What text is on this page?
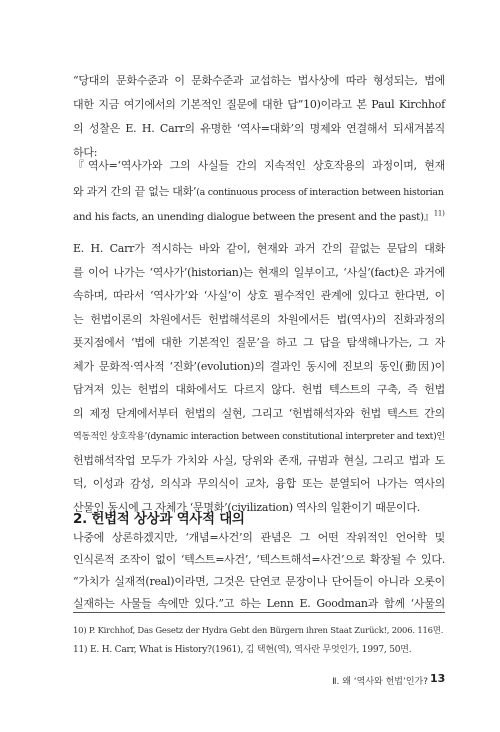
“당대의 문화수준과 이 문화수준과 교섭하는 법사상에 따라 형성되는, 법에
대한 지금 여기에서의 기본적인 질문에 대한 답”10)이라고 본 Paul Kirchhof
의 성찰은 E. H. Carr의 유명한 ‘역사=대화’의 명제와 연결해서 되새겨봄직
하다:
『역사=‘역사가와 그의 사실들 간의 지속적인 상호작용의 과정이며, 현재
와 과거 간의 끝 없는 대화’(a continuous process of interaction between historian
and his facts, an unending dialogue between the present and the past)』$^{11)}$
E. H. Carr가 적시하는 바와 같이, 현재와 과거 간의 끝없는 문답의 대화
를 이어 나가는 ‘역사가’(historian)는 현재의 일부이고, ‘사실’(fact)은 과거에
속하며, 따라서 ‘역사가’와 ‘사실’이 상호 필수적인 관계에 있다고 한다면, 이
는 헌법이론의 차원에서든 헌법해석론의 차원에서든 법(역사)의 진화과정의
푯지점에서 ‘법에 대한 기본적인 질문’을 하고 그 답을 탐색해나가는, 그 자
체가 문화적·역사적 ‘진화’(evolution)의 결과인 동시에 진보의 동인(動因)이
담겨져 있는 헌법의 대화에서도 다르지 않다. 헌법 텍스트의 구축, 즉 헌법
의 제정 단계에서부터 헌법의 실현, 그리고 ‘헌법해석자와 헌법 텍스트 간의
역동적인 상호작용’(dynamic interaction between constitutional interpreter and text)인
헌법해석작업 모두가 가치와 사실, 당위와 존재, 규범과 현실, 그리고 법과 도
덕, 이성과 감성, 의식과 무의식이 교차, 융합 또는 분열되어 나가는 역사의
산물인 동시에 그 자체가 ‘문명화’(civilization) 역사의 일환이기 때문이다.
2. 헌법적 상상과 역사적 대의
나중에 상론하겠지만, ‘개념=사건’의 관념은 그 어떤 작위적인 언어학 및
인식론적 조작이 없이 ‘텍스트=사건’, ‘텍스트해석=사건’으로 확장될 수 있다.
“가치가 실재적(real)이라면, 그것은 단연코 문장이나 단어들이 아니라 오롯이
실재하는 사물들 속에만 있다.”고 하는 Lenn E. Goodman과 함께 ‘사물의
10) P. Kirchhof, Das Gesetz der Hydra Gebt den Bürgern ihren Staat Zurück!, 2006. 116면.
11) E. H. Carr, What is History?(1961), 김 택현(역), 역사란 무엇인가, 1997, 50면.
Ⅱ. 왜 ‘역사와 헌법’인가? 13
